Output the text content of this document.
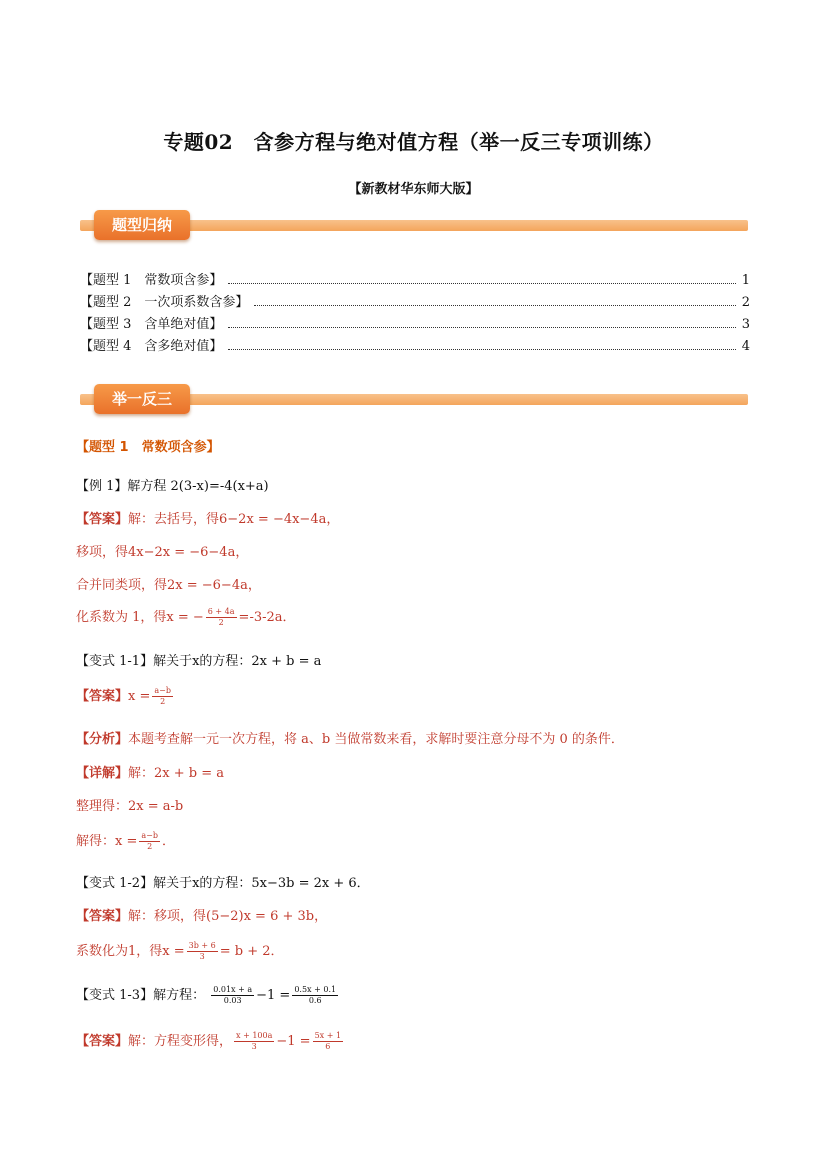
专题02　含参方程与绝对值方程（举一反三专项训练）
【新教材华东师大版】
题型归纳
【题型 1　常数项含参】	1
【题型 2　一次项系数含参】	2
【题型 3　含单绝对值】	3
【题型 4　含多绝对值】	4
举一反三
【题型 1　常数项含参】
【例 1】解方程 2(3-x)=-4(x+a)
【答案】解：去括号，得6−2x = −4x−4a，
移项，得4x−2x = −6−4a，
合并同类项，得2x = −6−4a，
化系数为 1，得x = − $\frac{6 + 4a}{2} =-3-2a$．
【变式 1-1】解关于x的方程：2x + b = a
【答案】$x = \frac{a-b}{2}$
【分析】本题考查解一元一次方程，将 a、b 当做常数来看，求解时要注意分母不为 0 的条件．
【详解】解：2x + b = a
整理得：2x = a-b
解得：$x = \frac{a-b}{2}$ ．
【变式 1-2】解关于x的方程：5x−3b = 2x + 6．
【答案】解：移项，得(5−2)x = 6 + 3b，
系数化为1，得$x = \frac{3b + 6}{3} = b + 2$．
【变式 1-3】解方程： $\frac{0.01x + a}{0.03} -1 = \frac{0.5x + 0.1}{0.6}$
【答案】解：方程变形得， $\frac{x + 100a}{3} -1 = \frac{5x + 1}{6}$
